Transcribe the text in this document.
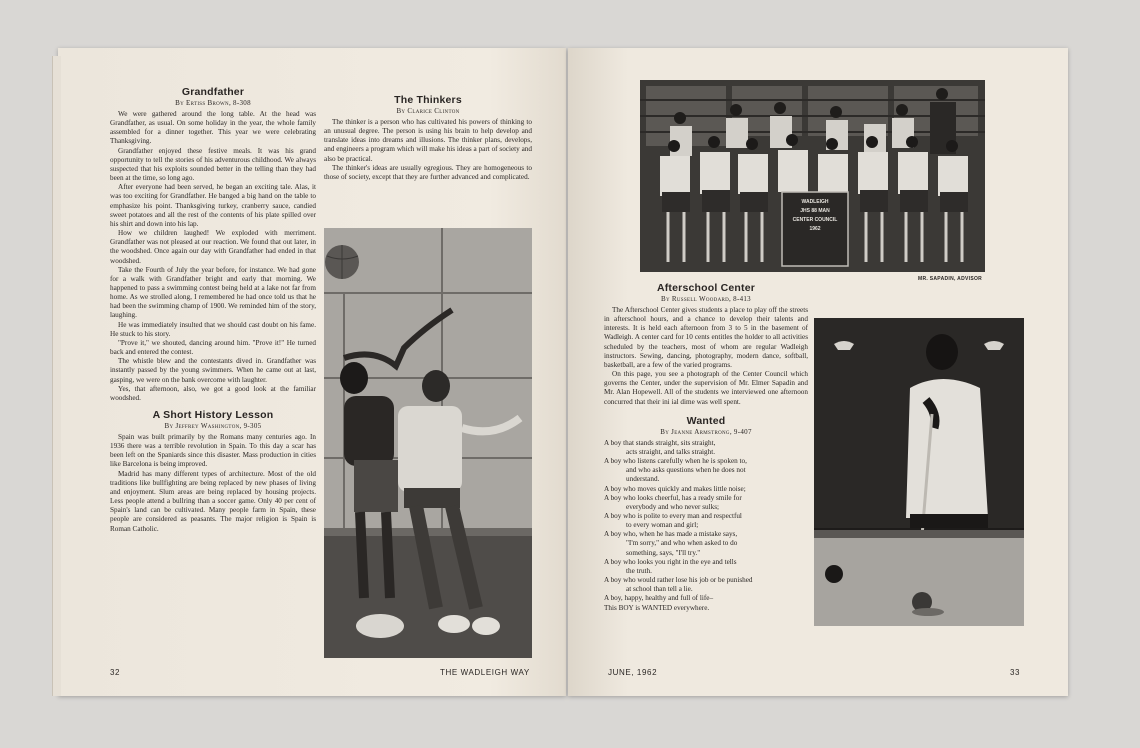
Grandfather
By Ertiss Brown, 8-308

We were gathered around the long table. At the head was Grandfather, as usual. On some holiday in the year, the whole family assembled for a dinner together. This year we were celebrating Thanksgiving.

Grandfather enjoyed these festive meals. It was his grand opportunity to tell the stories of his adventurous childhood. We always suspected that his exploits sounded better in the telling than they had been at the time, so long ago.

After everyone had been served, he began an exciting tale. Alas, it was too exciting for Grandfather. He banged a big hand on the table to emphasize his point. Thanksgiving turkey, cranberry sauce, candied sweet potatoes and all the rest of the contents of his plate spilled over his shirt and down into his lap.

How we children laughed! We exploded with merriment. Grandfather was not pleased at our reaction. We found that out later, in the woodshed. Once again our day with Grandfather had ended in that woodshed.

Take the Fourth of July the year before, for instance. We had gone for a walk with Grandfather bright and early that morning. We happened to pass a swimming contest being held at a lake not far from home. As we strolled along, I remembered he had once told us that he had been the swimming champ of 1900. We reminded him of the story, laughing.

He was immediately insulted that we should cast doubt on his fame. He stuck to his story.

"Prove it," we shouted, dancing around him. "Prove it!" He turned back and entered the contest.

The whistle blew and the contestants dived in. Grandfather was instantly passed by the young swimmers. When he came out at last, gasping, we were on the bank overcome with laughter.

Yes, that afternoon, also, we got a good look at the familiar woodshed.

A Short History Lesson
By Jeffrey Washington, 9-305

Spain was built primarily by the Romans many centuries ago. In 1936 there was a terrible revolution in Spain. To this day a scar has been left on the Spaniards since this disaster. Mass production in cities like Barcelona is being improved.

Madrid has many different types of architecture. Most of the old traditions like bullfighting are being replaced by new phases of living and enjoyment. Slum areas are being replaced by housing projects. Less people attend a bullring than a soccer game. Only 40 per cent of Spain's land can be cultivated. Many people farm in Spain, these people are considered as peasants. The major religion is Spain is Roman Catholic.

The Thinkers
By Clarice Clinton

The thinker is a person who has cultivated his powers of thinking to an unusual degree. The person is using his brain to help develop and translate ideas into dreams and illusions. The thinker plans, develops, and engineers a program which will make his ideas a part of society and also be practical.

The thinker's ideas are usually egregious. They are homogeneous to those of society, except that they are further advanced and complicated.

32	THE WADLEIGH WAY
WADLEIGH
JHS 88 MAN
CENTER COUNCIL
1962
MR. SAPADIN, ADVISOR
Afterschool Center
By Russell Woodard, 8-413

The Afterschool Center gives students a place to play off the streets in afterschool hours, and a chance to develop their talents and interests. It is held each afternoon from 3 to 5 in the basement of Wadleigh. A center card for 10 cents entitles the holder to all activities scheduled by the teachers, most of whom are regular Wadleigh instructors. Sewing, dancing, photography, modern dance, softball, basketball, are a few of the varied programs.

On this page, you see a photograph of the Center Council which governs the Center, under the supervision of Mr. Elmer Sapadin and Mr. Alan Hopewell. All of the students we interviewed one afternoon concurred that their ini ial dime was well spent.

Wanted
By Jeanne Armstrong, 9-407
A boy that stands straight, sits straight,
acts straight, and talks straight.
A boy who listens carefully when he is spoken to,
and who asks questions when he does not
understand.
A boy who moves quickly and makes little noise;
A boy who looks cheerful, has a ready smile for
everybody and who never sulks;
A boy who is polite to every man and respectful
to every woman and girl;
A boy who, when he has made a mistake says,
"I'm sorry," and who when asked to do
something, says, "I'll try."
A boy who looks you right in the eye and tells
the truth.
A boy who would rather lose his job or be punished
at school than tell a lie.
A boy, happy, healthy and full of life–
This BOY is WANTED everywhere.
JUNE, 1962	33
